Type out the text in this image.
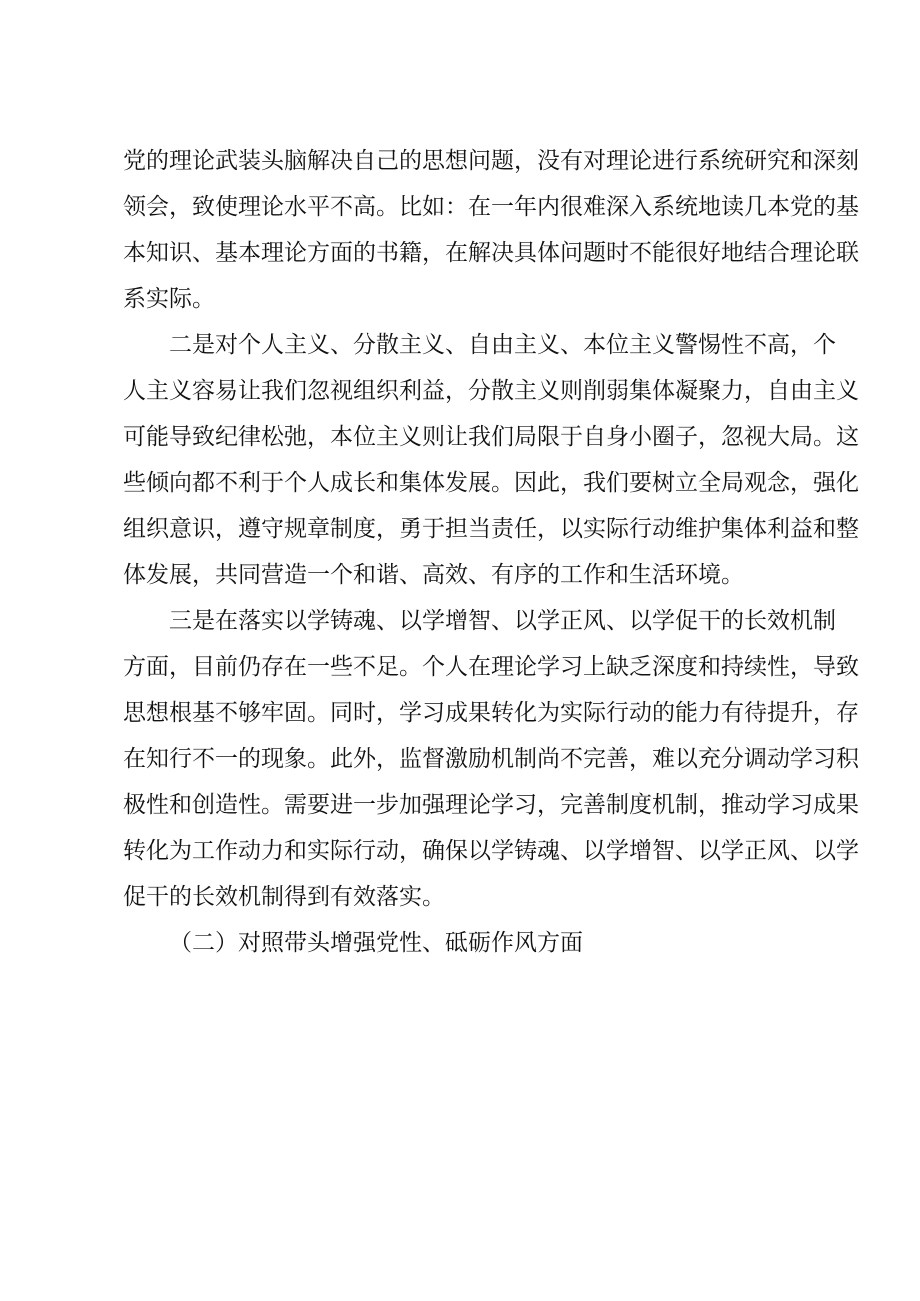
党的理论武装头脑解决自己的思想问题，没有对理论进行系统研究和深刻
领会，致使理论水平不高。比如：在一年内很难深入系统地读几本党的基
本知识、基本理论方面的书籍，在解决具体问题时不能很好地结合理论联
系实际。
二是对个人主义、分散主义、自由主义、本位主义警惕性不高，个
人主义容易让我们忽视组织利益，分散主义则削弱集体凝聚力，自由主义
可能导致纪律松弛，本位主义则让我们局限于自身小圈子，忽视大局。这
些倾向都不利于个人成长和集体发展。因此，我们要树立全局观念，强化
组织意识，遵守规章制度，勇于担当责任，以实际行动维护集体利益和整
体发展，共同营造一个和谐、高效、有序的工作和生活环境。
三是在落实以学铸魂、以学增智、以学正风、以学促干的长效机制
方面，目前仍存在一些不足。个人在理论学习上缺乏深度和持续性，导致
思想根基不够牢固。同时，学习成果转化为实际行动的能力有待提升，存
在知行不一的现象。此外，监督激励机制尚不完善，难以充分调动学习积
极性和创造性。需要进一步加强理论学习，完善制度机制，推动学习成果
转化为工作动力和实际行动，确保以学铸魂、以学增智、以学正风、以学
促干的长效机制得到有效落实。
（二）对照带头增强党性、砥砺作风方面
